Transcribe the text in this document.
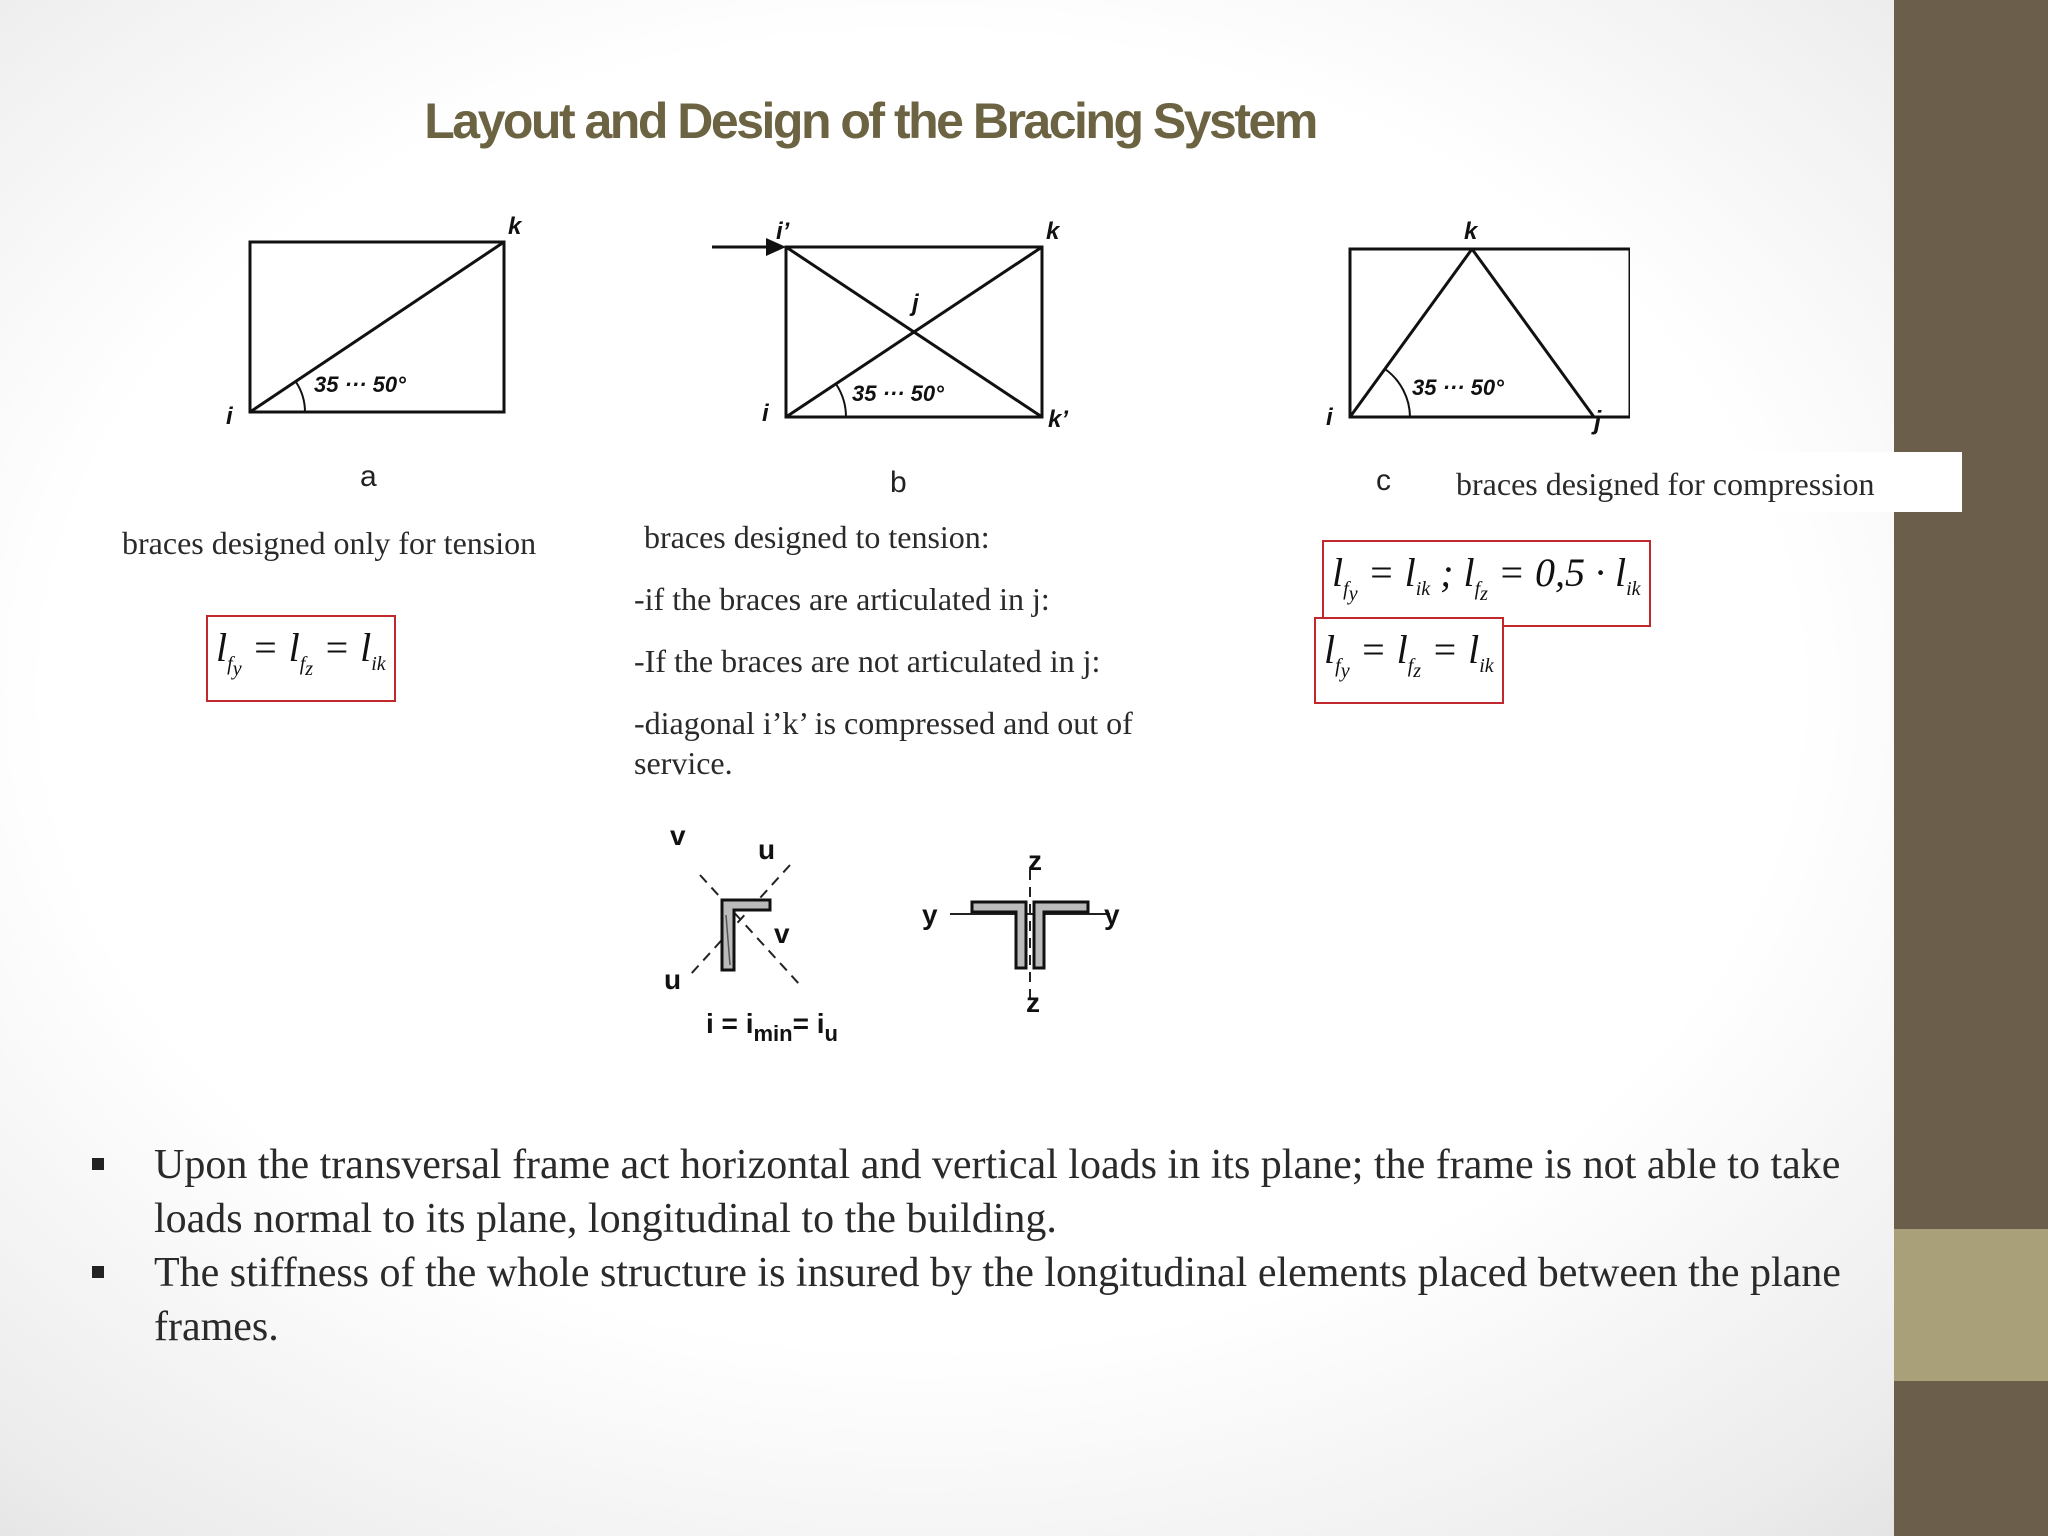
Layout and Design of the Bracing System
35 ··· 50°
i
k
a
braces designed only for tension
$l_{f_y} = l_{f_z} = l_{ik}$
35 ··· 50°
i’	k
j
i	k’
b
braces designed to tension:
-if the braces are articulated in j:
-If the braces are not articulated in j:
-diagonal i’k’ is compressed and out of
service.
35 ··· 50°
k
i	j
c braces designed for compression
$l_{f_y} = l_{ik}$ ; $l_{f_z} = 0,5 \cdot l_{ik}$
$l_{f_y} = l_{f_z} = l_{ik}$
v	u
v
u
$i = i_{min}= i_u$
z
y	y
z
Upon the transversal frame act horizontal and vertical loads in its plane; the frame is not able to take loads normal to its plane, longitudinal to the building.
The stiffness of the whole structure is insured by the longitudinal elements placed between the plane frames.
